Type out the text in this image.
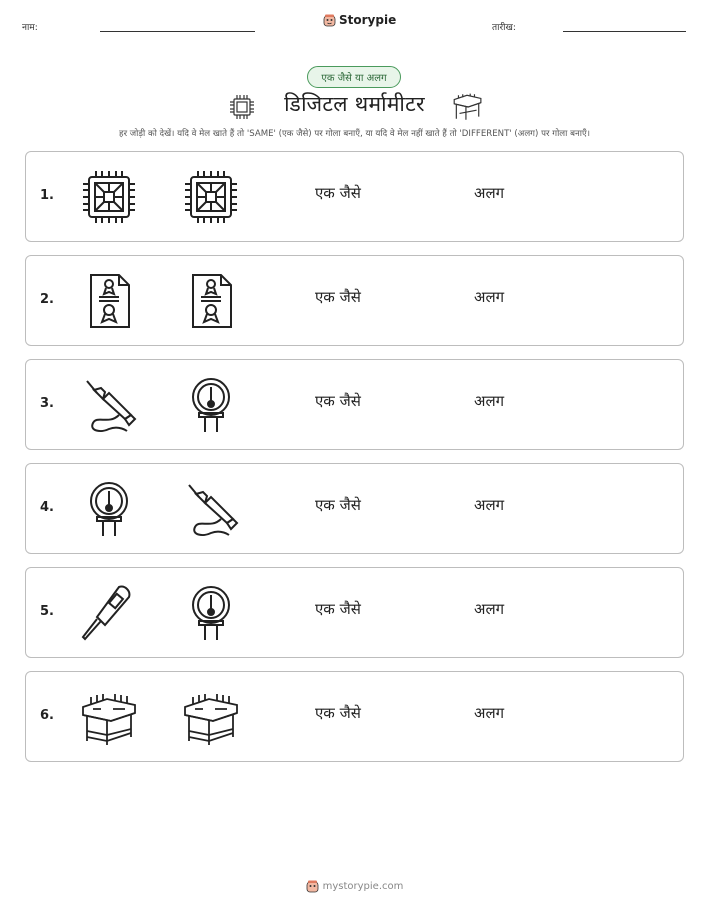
नाम:
Storypie
तारीख:
एक जैसे या अलग
डिजिटल थर्मामीटर
हर जोड़ी को देखें। यदि वे मेल खाते हैं तो 'SAME' (एक जैसे) पर गोला बनाएँ, या यदि वे मेल नहीं खाते हैं तो 'DIFFERENT' (अलग) पर गोला बनाएँ।
1.	एक जैसे	अलग
2.	एक जैसे	अलग
3.	एक जैसे	अलग
4.	एक जैसे	अलग
5.	एक जैसे	अलग
6.	एक जैसे	अलग
mystorypie.com
